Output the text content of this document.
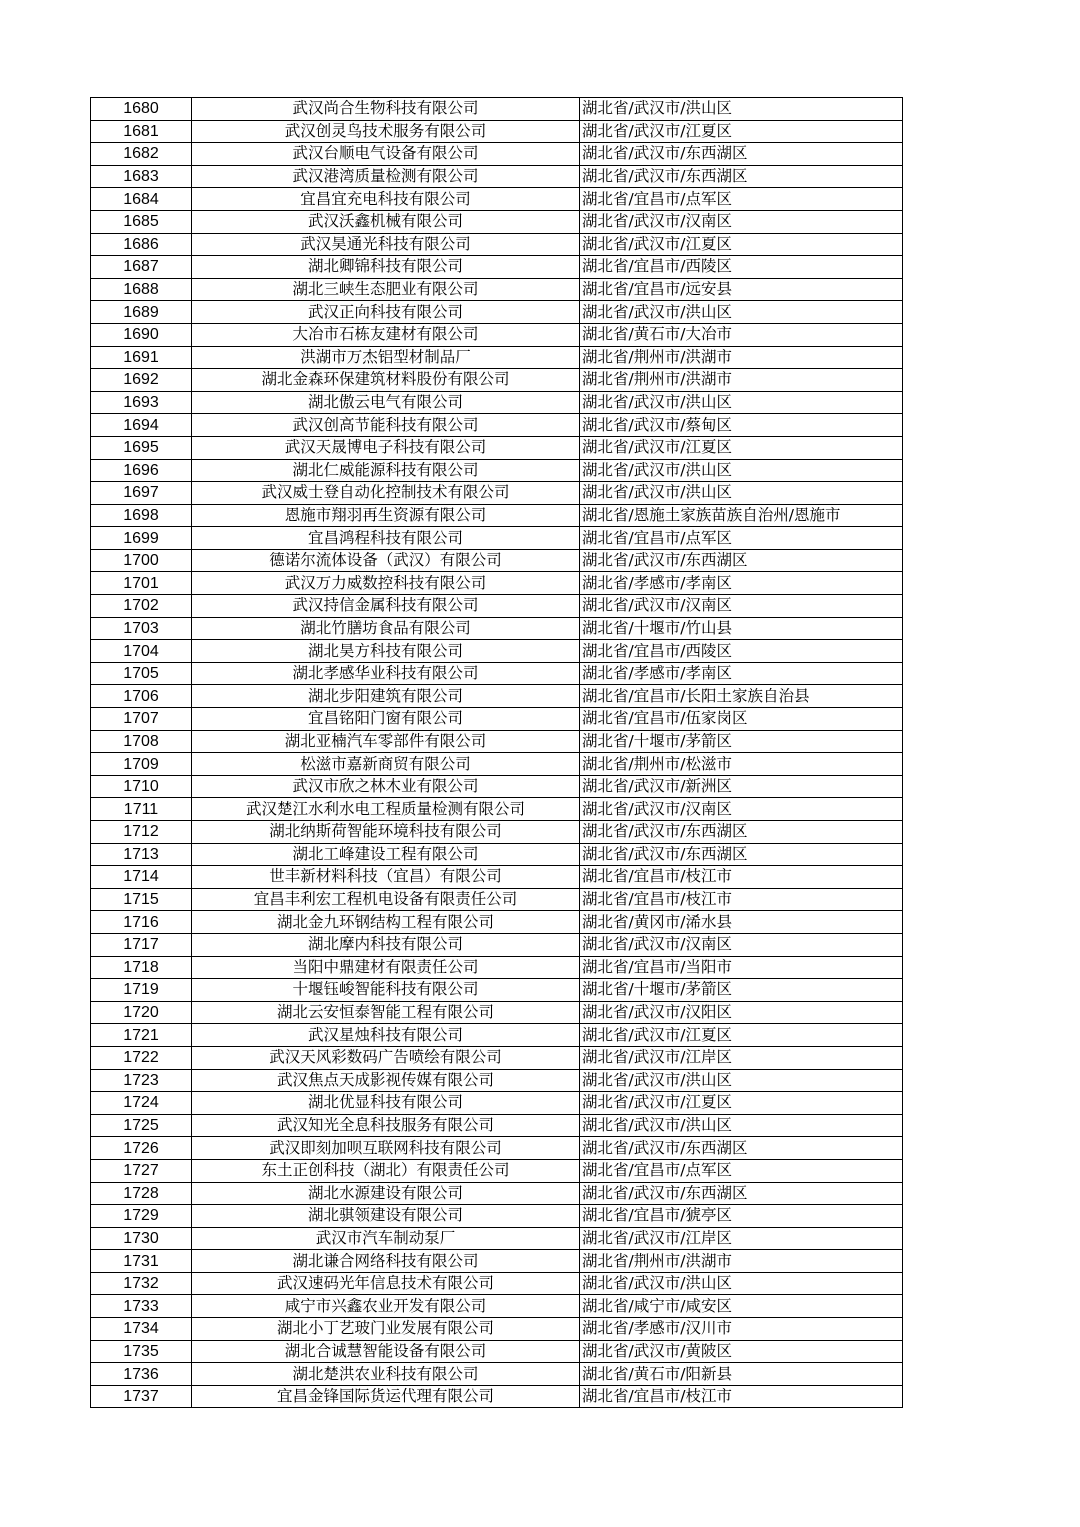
1680	武汉尚合生物科技有限公司	湖北省/武汉市/洪山区
1681	武汉创灵鸟技术服务有限公司	湖北省/武汉市/江夏区
1682	武汉台顺电气设备有限公司	湖北省/武汉市/东西湖区
1683	武汉港湾质量检测有限公司	湖北省/武汉市/东西湖区
1684	宜昌宜充电科技有限公司	湖北省/宜昌市/点军区
1685	武汉沃鑫机械有限公司	湖北省/武汉市/汉南区
1686	武汉昊通光科技有限公司	湖北省/武汉市/江夏区
1687	湖北卿锦科技有限公司	湖北省/宜昌市/西陵区
1688	湖北三峡生态肥业有限公司	湖北省/宜昌市/远安县
1689	武汉正向科技有限公司	湖北省/武汉市/洪山区
1690	大冶市石栋友建材有限公司	湖北省/黄石市/大冶市
1691	洪湖市万杰铝型材制品厂	湖北省/荆州市/洪湖市
1692	湖北金森环保建筑材料股份有限公司	湖北省/荆州市/洪湖市
1693	湖北傲云电气有限公司	湖北省/武汉市/洪山区
1694	武汉创高节能科技有限公司	湖北省/武汉市/蔡甸区
1695	武汉天晟博电子科技有限公司	湖北省/武汉市/江夏区
1696	湖北仁威能源科技有限公司	湖北省/武汉市/洪山区
1697	武汉威士登自动化控制技术有限公司	湖北省/武汉市/洪山区
1698	恩施市翔羽再生资源有限公司	湖北省/恩施土家族苗族自治州/恩施市
1699	宜昌鸿程科技有限公司	湖北省/宜昌市/点军区
1700	德诺尔流体设备（武汉）有限公司	湖北省/武汉市/东西湖区
1701	武汉万力威数控科技有限公司	湖北省/孝感市/孝南区
1702	武汉持信金属科技有限公司	湖北省/武汉市/汉南区
1703	湖北竹膳坊食品有限公司	湖北省/十堰市/竹山县
1704	湖北昊方科技有限公司	湖北省/宜昌市/西陵区
1705	湖北孝感华业科技有限公司	湖北省/孝感市/孝南区
1706	湖北步阳建筑有限公司	湖北省/宜昌市/长阳土家族自治县
1707	宜昌铭阳门窗有限公司	湖北省/宜昌市/伍家岗区
1708	湖北亚楠汽车零部件有限公司	湖北省/十堰市/茅箭区
1709	松滋市嘉新商贸有限公司	湖北省/荆州市/松滋市
1710	武汉市欣之林木业有限公司	湖北省/武汉市/新洲区
1711	武汉楚江水利水电工程质量检测有限公司	湖北省/武汉市/汉南区
1712	湖北纳斯荷智能环境科技有限公司	湖北省/武汉市/东西湖区
1713	湖北工峰建设工程有限公司	湖北省/武汉市/东西湖区
1714	世丰新材料科技（宜昌）有限公司	湖北省/宜昌市/枝江市
1715	宜昌丰利宏工程机电设备有限责任公司	湖北省/宜昌市/枝江市
1716	湖北金九环钢结构工程有限公司	湖北省/黄冈市/浠水县
1717	湖北摩内科技有限公司	湖北省/武汉市/汉南区
1718	当阳中鼎建材有限责任公司	湖北省/宜昌市/当阳市
1719	十堰钰峻智能科技有限公司	湖北省/十堰市/茅箭区
1720	湖北云安恒泰智能工程有限公司	湖北省/武汉市/汉阳区
1721	武汉星烛科技有限公司	湖北省/武汉市/江夏区
1722	武汉天风彩数码广告喷绘有限公司	湖北省/武汉市/江岸区
1723	武汉焦点天成影视传媒有限公司	湖北省/武汉市/洪山区
1724	湖北优显科技有限公司	湖北省/武汉市/江夏区
1725	武汉知光全息科技服务有限公司	湖北省/武汉市/洪山区
1726	武汉即刻加呗互联网科技有限公司	湖北省/武汉市/东西湖区
1727	东土正创科技（湖北）有限责任公司	湖北省/宜昌市/点军区
1728	湖北水源建设有限公司	湖北省/武汉市/东西湖区
1729	湖北骐领建设有限公司	湖北省/宜昌市/猇亭区
1730	武汉市汽车制动泵厂	湖北省/武汉市/江岸区
1731	湖北谦合网络科技有限公司	湖北省/荆州市/洪湖市
1732	武汉速码光年信息技术有限公司	湖北省/武汉市/洪山区
1733	咸宁市兴鑫农业开发有限公司	湖北省/咸宁市/咸安区
1734	湖北小丁艺玻门业发展有限公司	湖北省/孝感市/汉川市
1735	湖北合诚慧智能设备有限公司	湖北省/武汉市/黄陂区
1736	湖北楚洪农业科技有限公司	湖北省/黄石市/阳新县
1737	宜昌金锋国际货运代理有限公司	湖北省/宜昌市/枝江市
